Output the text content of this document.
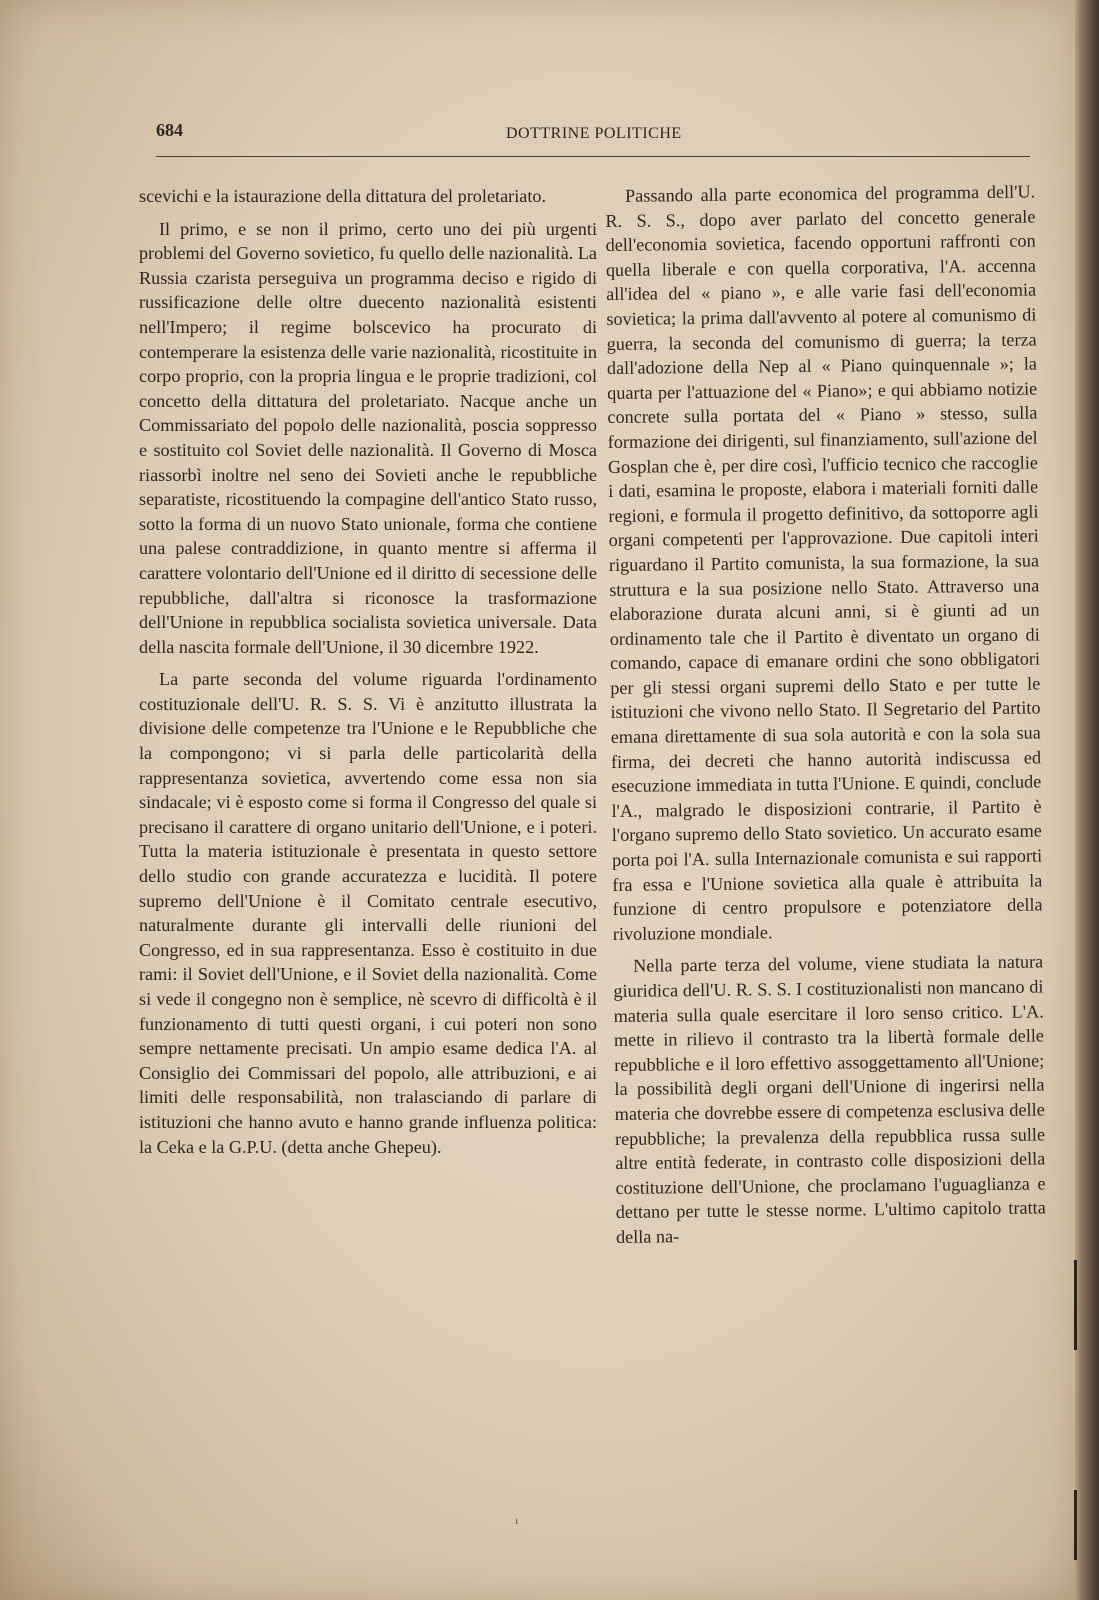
684	DOTTRINE POLITICHE

scevichi e la istaurazione della dittatura del proletariato.

Il primo, e se non il primo, certo uno dei più urgenti problemi del Governo sovietico, fu quello delle nazionalità. La Russia czarista perseguiva un programma deciso e rigido di russificazione delle oltre duecento nazionalità esistenti nell'Impero; il regime bolscevico ha procurato di contemperare la esistenza delle varie nazionalità, ricostituite in corpo proprio, con la propria lingua e le proprie tradizioni, col concetto della dittatura del proletariato. Nacque anche un Commissariato del popolo delle nazionalità, poscia soppresso e sostituito col Soviet delle nazionalità. Il Governo di Mosca riassorbì inoltre nel seno dei Sovieti anche le repubbliche separatiste, ricostituendo la compagine dell'antico Stato russo, sotto la forma di un nuovo Stato unionale, forma che contiene una palese contraddizione, in quanto mentre si afferma il carattere volontario dell'Unione ed il diritto di secessione delle repubbliche, dall'altra si riconosce la trasformazione dell'Unione in repubblica socialista sovietica universale. Data della nascita formale dell'Unione, il 30 dicembre 1922.

La parte seconda del volume riguarda l'ordinamento costituzionale dell'U. R. S. S. Vi è anzitutto illustrata la divisione delle competenze tra l'Unione e le Repubbliche che la compongono; vi si parla delle particolarità della rappresentanza sovietica, avvertendo come essa non sia sindacale; vi è esposto come si forma il Congresso del quale si precisano il carattere di organo unitario dell'Unione, e i poteri. Tutta la materia istituzionale è presentata in questo settore dello studio con grande accuratezza e lucidità. Il potere supremo dell'Unione è il Comitato centrale esecutivo, naturalmente durante gli intervalli delle riunioni del Congresso, ed in sua rappresentanza. Esso è costituito in due rami: il Soviet dell'Unione, e il Soviet della nazionalità. Come si vede il congegno non è semplice, nè scevro di difficoltà è il funzionamento di tutti questi organi, i cui poteri non sono sempre nettamente precisati. Un ampio esame dedica l'A. al Consiglio dei Commissari del popolo, alle attribuzioni, e ai limiti delle responsabilità, non tralasciando di parlare di istituzioni che hanno avuto e hanno grande influenza politica: la Ceka e la G.P.U. (detta anche Ghepeu).

Passando alla parte economica del programma dell'U. R. S. S., dopo aver parlato del concetto generale dell'economia sovietica, facendo opportuni raffronti con quella liberale e con quella corporativa, l'A. accenna all'idea del « piano », e alle varie fasi dell'economia sovietica; la prima dall'avvento al potere al comunismo di guerra, la seconda del comunismo di guerra; la terza dall'adozione della Nep al « Piano quinquennale »; la quarta per l'attuazione del « Piano»; e qui abbiamo notizie concrete sulla portata del « Piano » stesso, sulla formazione dei dirigenti, sul finanziamento, sull'azione del Gosplan che è, per dire così, l'ufficio tecnico che raccoglie i dati, esamina le proposte, elabora i materiali forniti dalle regioni, e formula il progetto definitivo, da sottoporre agli organi competenti per l'approvazione. Due capitoli interi riguardano il Partito comunista, la sua formazione, la sua struttura e la sua posizione nello Stato. Attraverso una elaborazione durata alcuni anni, si è giunti ad un ordinamento tale che il Partito è diventato un organo di comando, capace di emanare ordini che sono obbligatori per gli stessi organi supremi dello Stato e per tutte le istituzioni che vivono nello Stato. Il Segretario del Partito emana direttamente di sua sola autorità e con la sola sua firma, dei decreti che hanno autorità indiscussa ed esecuzione immediata in tutta l'Unione. E quindi, conclude l'A., malgrado le disposizioni contrarie, il Partito è l'organo supremo dello Stato sovietico. Un accurato esame porta poi l'A. sulla Internazionale comunista e sui rapporti fra essa e l'Unione sovietica alla quale è attribuita la funzione di centro propulsore e potenziatore della rivoluzione mondiale.

Nella parte terza del volume, viene studiata la natura giuridica dell'U. R. S. S. I costituzionalisti non mancano di materia sulla quale esercitare il loro senso critico. L'A. mette in rilievo il contrasto tra la libertà formale delle repubbliche e il loro effettivo assoggettamento all'Unione; la possibilità degli organi dell'Unione di ingerirsi nella materia che dovrebbe essere di competenza esclusiva delle repubbliche; la prevalenza della repubblica russa sulle altre entità federate, in contrasto colle disposizioni della costituzione dell'Unione, che proclamano l'uguaglianza e dettano per tutte le stesse norme. L'ultimo capitolo tratta della na-

ı
